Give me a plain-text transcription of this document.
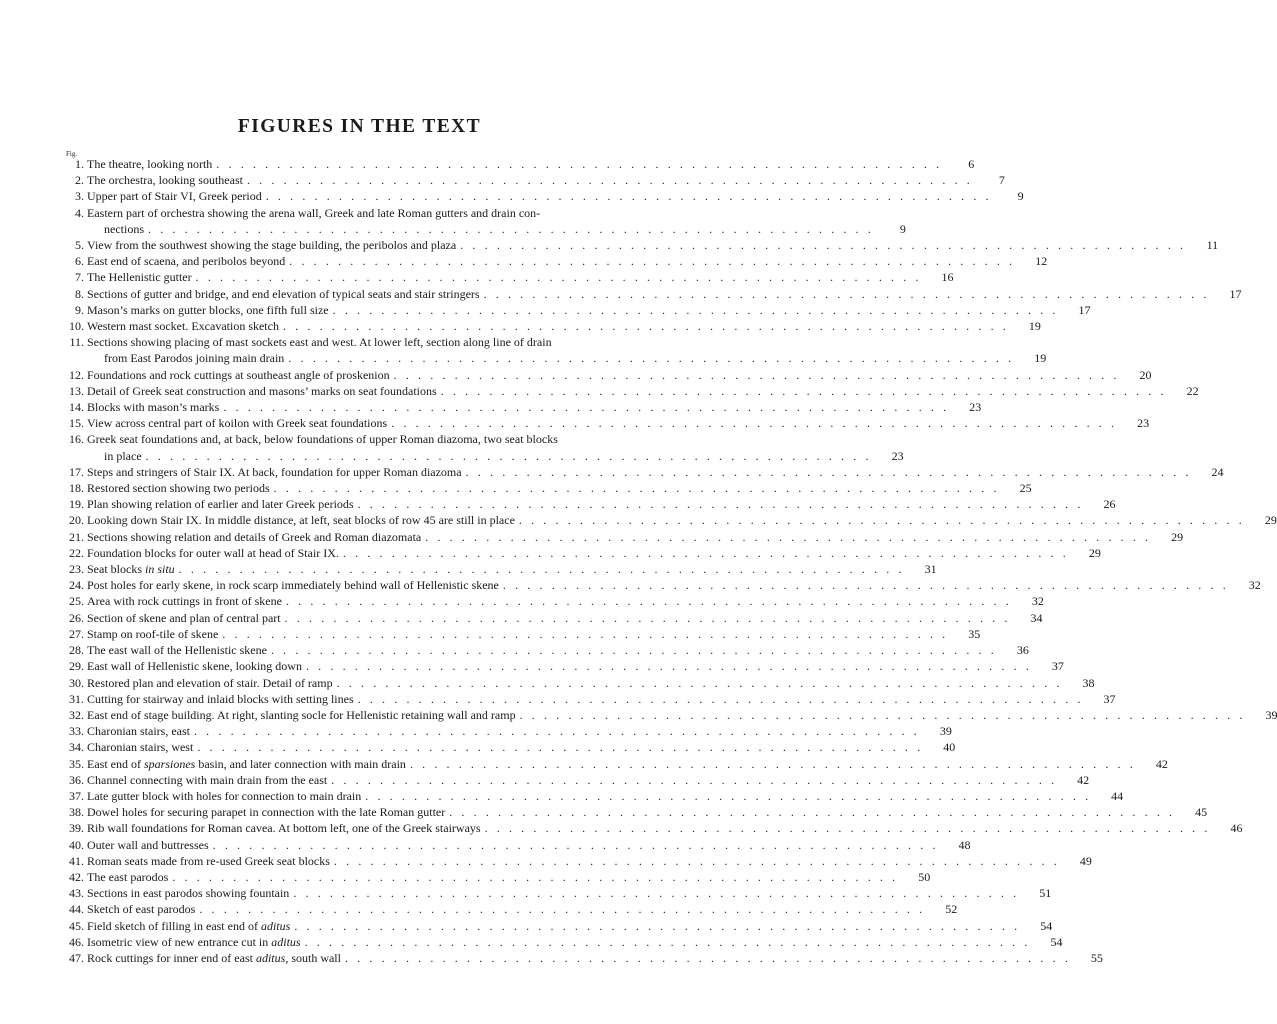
FIGURES IN THE TEXT
Fig.
1. The theatre, looking north . . . . . . . . . . . . . . . . . . . . . . . . . . . . . . . . . . . . . . . . . . . . . . . . . . . . . . . . . . . .	6
2. The orchestra, looking southeast . . . . . . . . . . . . . . . . . . . . . . . . . . . . . . . . . . . . . . . . . . . . . . . . . . . . . . . . . . . .	7
3. Upper part of Stair VI, Greek period . . . . . . . . . . . . . . . . . . . . . . . . . . . . . . . . . . . . . . . . . . . . . . . . . . . . . . . . . . . .	9
4. Eastern part of orchestra showing the arena wall, Greek and late Roman gutters and drain con-
nections . . . . . . . . . . . . . . . . . . . . . . . . . . . . . . . . . . . . . . . . . . . . . . . . . . . . . . . . . . . .	9
5. View from the southwest showing the stage building, the peribolos and plaza . . . . . . . . . . . . . . . . . . . . . . . . . . . . . . . . . . . . . . . . . . . . . . . . . . . . . . . . . . . .	11
6. East end of scaena, and peribolos beyond . . . . . . . . . . . . . . . . . . . . . . . . . . . . . . . . . . . . . . . . . . . . . . . . . . . . . . . . . . . .	12
7. The Hellenistic gutter . . . . . . . . . . . . . . . . . . . . . . . . . . . . . . . . . . . . . . . . . . . . . . . . . . . . . . . . . . . .	16
8. Sections of gutter and bridge, and end elevation of typical seats and stair stringers . . . . . . . . . . . . . . . . . . . . . . . . . . . . . . . . . . . . . . . . . . . . . . . . . . . . . . . . . . . .	17
9. Mason’s marks on gutter blocks, one fifth full size . . . . . . . . . . . . . . . . . . . . . . . . . . . . . . . . . . . . . . . . . . . . . . . . . . . . . . . . . . . .	17
10. Western mast socket. Excavation sketch . . . . . . . . . . . . . . . . . . . . . . . . . . . . . . . . . . . . . . . . . . . . . . . . . . . . . . . . . . . .	19
11. Sections showing placing of mast sockets east and west. At lower left, section along line of drain
from East Parodos joining main drain . . . . . . . . . . . . . . . . . . . . . . . . . . . . . . . . . . . . . . . . . . . . . . . . . . . . . . . . . . . .	19
12. Foundations and rock cuttings at southeast angle of proskenion . . . . . . . . . . . . . . . . . . . . . . . . . . . . . . . . . . . . . . . . . . . . . . . . . . . . . . . . . . . .	20
13. Detail of Greek seat construction and masons’ marks on seat foundations . . . . . . . . . . . . . . . . . . . . . . . . . . . . . . . . . . . . . . . . . . . . . . . . . . . . . . . . . . . .	22
14. Blocks with mason’s marks . . . . . . . . . . . . . . . . . . . . . . . . . . . . . . . . . . . . . . . . . . . . . . . . . . . . . . . . . . . .	23
15. View across central part of koilon with Greek seat foundations . . . . . . . . . . . . . . . . . . . . . . . . . . . . . . . . . . . . . . . . . . . . . . . . . . . . . . . . . . . .	23
16. Greek seat foundations and, at back, below foundations of upper Roman diazoma, two seat blocks
in place . . . . . . . . . . . . . . . . . . . . . . . . . . . . . . . . . . . . . . . . . . . . . . . . . . . . . . . . . . . .	23
17. Steps and stringers of Stair IX. At back, foundation for upper Roman diazoma . . . . . . . . . . . . . . . . . . . . . . . . . . . . . . . . . . . . . . . . . . . . . . . . . . . . . . . . . . . .	24
18. Restored section showing two periods . . . . . . . . . . . . . . . . . . . . . . . . . . . . . . . . . . . . . . . . . . . . . . . . . . . . . . . . . . . .	25
19. Plan showing relation of earlier and later Greek periods . . . . . . . . . . . . . . . . . . . . . . . . . . . . . . . . . . . . . . . . . . . . . . . . . . . . . . . . . . . .	26
20. Looking down Stair IX. In middle distance, at left, seat blocks of row 45 are still in place . . . . . . . . . . . . . . . . . . . . . . . . . . . . . . . . . . . . . . . . . . . . . . . . . . . . . . . . . . . .	29
21. Sections showing relation and details of Greek and Roman diazomata . . . . . . . . . . . . . . . . . . . . . . . . . . . . . . . . . . . . . . . . . . . . . . . . . . . . . . . . . . . .	29
22. Foundation blocks for outer wall at head of Stair IX. . . . . . . . . . . . . . . . . . . . . . . . . . . . . . . . . . . . . . . . . . . . . . . . . . . . . . . . . . . . .	29
23. Seat blocks in situ . . . . . . . . . . . . . . . . . . . . . . . . . . . . . . . . . . . . . . . . . . . . . . . . . . . . . . . . . . . .	31
24. Post holes for early skene, in rock scarp immediately behind wall of Hellenistic skene . . . . . . . . . . . . . . . . . . . . . . . . . . . . . . . . . . . . . . . . . . . . . . . . . . . . . . . . . . . .	32
25. Area with rock cuttings in front of skene . . . . . . . . . . . . . . . . . . . . . . . . . . . . . . . . . . . . . . . . . . . . . . . . . . . . . . . . . . . .	32
26. Section of skene and plan of central part . . . . . . . . . . . . . . . . . . . . . . . . . . . . . . . . . . . . . . . . . . . . . . . . . . . . . . . . . . . .	34
27. Stamp on roof-tile of skene . . . . . . . . . . . . . . . . . . . . . . . . . . . . . . . . . . . . . . . . . . . . . . . . . . . . . . . . . . . .	35
28. The east wall of the Hellenistic skene . . . . . . . . . . . . . . . . . . . . . . . . . . . . . . . . . . . . . . . . . . . . . . . . . . . . . . . . . . . .	36
29. East wall of Hellenistic skene, looking down . . . . . . . . . . . . . . . . . . . . . . . . . . . . . . . . . . . . . . . . . . . . . . . . . . . . . . . . . . . .	37
30. Restored plan and elevation of stair. Detail of ramp . . . . . . . . . . . . . . . . . . . . . . . . . . . . . . . . . . . . . . . . . . . . . . . . . . . . . . . . . . . .	38
31. Cutting for stairway and inlaid blocks with setting lines . . . . . . . . . . . . . . . . . . . . . . . . . . . . . . . . . . . . . . . . . . . . . . . . . . . . . . . . . . . .	37
32. East end of stage building. At right, slanting socle for Hellenistic retaining wall and ramp . . . . . . . . . . . . . . . . . . . . . . . . . . . . . . . . . . . . . . . . . . . . . . . . . . . . . . . . . . . .	39
33. Charonian stairs, east . . . . . . . . . . . . . . . . . . . . . . . . . . . . . . . . . . . . . . . . . . . . . . . . . . . . . . . . . . . .	39
34. Charonian stairs, west . . . . . . . . . . . . . . . . . . . . . . . . . . . . . . . . . . . . . . . . . . . . . . . . . . . . . . . . . . . .	40
35. East end of sparsiones basin, and later connection with main drain . . . . . . . . . . . . . . . . . . . . . . . . . . . . . . . . . . . . . . . . . . . . . . . . . . . . . . . . . . . .	42
36. Channel connecting with main drain from the east . . . . . . . . . . . . . . . . . . . . . . . . . . . . . . . . . . . . . . . . . . . . . . . . . . . . . . . . . . . .	42
37. Late gutter block with holes for connection to main drain . . . . . . . . . . . . . . . . . . . . . . . . . . . . . . . . . . . . . . . . . . . . . . . . . . . . . . . . . . . .	44
38. Dowel holes for securing parapet in connection with the late Roman gutter . . . . . . . . . . . . . . . . . . . . . . . . . . . . . . . . . . . . . . . . . . . . . . . . . . . . . . . . . . . .	45
39. Rib wall foundations for Roman cavea. At bottom left, one of the Greek stairways . . . . . . . . . . . . . . . . . . . . . . . . . . . . . . . . . . . . . . . . . . . . . . . . . . . . . . . . . . . .	46
40. Outer wall and buttresses . . . . . . . . . . . . . . . . . . . . . . . . . . . . . . . . . . . . . . . . . . . . . . . . . . . . . . . . . . . .	48
41. Roman seats made from re-used Greek seat blocks . . . . . . . . . . . . . . . . . . . . . . . . . . . . . . . . . . . . . . . . . . . . . . . . . . . . . . . . . . . .	49
42. The east parodos . . . . . . . . . . . . . . . . . . . . . . . . . . . . . . . . . . . . . . . . . . . . . . . . . . . . . . . . . . . .	50
43. Sections in east parodos showing fountain . . . . . . . . . . . . . . . . . . . . . . . . . . . . . . . . . . . . . . . . . . . . . . . . . . . . . . . . . . . .	51
44. Sketch of east parodos . . . . . . . . . . . . . . . . . . . . . . . . . . . . . . . . . . . . . . . . . . . . . . . . . . . . . . . . . . . .	52
45. Field sketch of filling in east end of aditus . . . . . . . . . . . . . . . . . . . . . . . . . . . . . . . . . . . . . . . . . . . . . . . . . . . . . . . . . . . .	54
46. Isometric view of new entrance cut in aditus . . . . . . . . . . . . . . . . . . . . . . . . . . . . . . . . . . . . . . . . . . . . . . . . . . . . . . . . . . . .	54
47. Rock cuttings for inner end of east aditus, south wall . . . . . . . . . . . . . . . . . . . . . . . . . . . . . . . . . . . . . . . . . . . . . . . . . . . . . . . . . . . .	55
